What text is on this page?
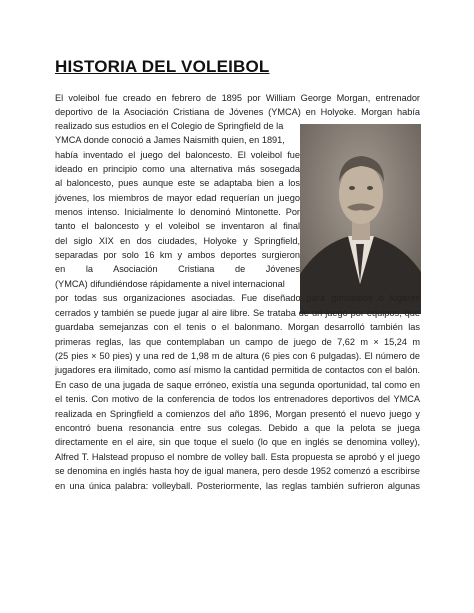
HISTORIA DEL VOLEIBOL
El voleibol fue creado en febrero de 1895 por William George Morgan, entrenador
deportivo de la Asociación Cristiana de Jóvenes (YMCA) en Holyoke. Morgan había
realizado sus estudios en el Colegio de Springfield de la
YMCA donde conoció a James Naismith quien, en 1891,
había inventado el juego del baloncesto. El voleibol fue
ideado en principio como una alternativa más sosegada
al baloncesto, pues aunque este se adaptaba bien a los
jóvenes, los miembros de mayor edad requerían un juego
menos intenso. Inicialmente lo denominó Mintonette. Por
tanto el baloncesto y el voleibol se inventaron al final
del siglo XIX en dos ciudades, Holyoke y Springfield,
separadas por solo 16 km y ambos deportes surgieron
en la Asociación Cristiana de Jóvenes
(YMCA) difundiéndose rápidamente a nivel internacional
por todas sus organizaciones asociadas. Fue diseñado para gimnasios o lugares
cerrados y también se puede jugar al aire libre. Se trataba de un juego por equipos, que
guardaba semejanzas con el tenis o el balonmano. Morgan desarrolló también las
primeras reglas, las que contemplaban un campo de juego de 7,62 m × 15,24 m
(25 pies × 50 pies) y una red de 1,98 m de altura (6 pies con 6 pulgadas). El número de
jugadores era ilimitado, como así mismo la cantidad permitida de contactos con el balón.
En caso de una jugada de saque erróneo, existía una segunda oportunidad, tal como en
el tenis. Con motivo de la conferencia de todos los entrenadores deportivos del YMCA
realizada en Springfield a comienzos del año 1896, Morgan presentó el nuevo juego y
encontró buena resonancia entre sus colegas. Debido a que la pelota se juega
directamente en el aire, sin que toque el suelo (lo que en inglés se denomina volley),
Alfred T. Halstead propuso el nombre de volley ball. Esta propuesta se aprobó y el juego
se denomina en inglés hasta hoy de igual manera, pero desde 1952 comenzó a escribirse
en una única palabra: volleyball. Posteriormente, las reglas también sufrieron algunas
